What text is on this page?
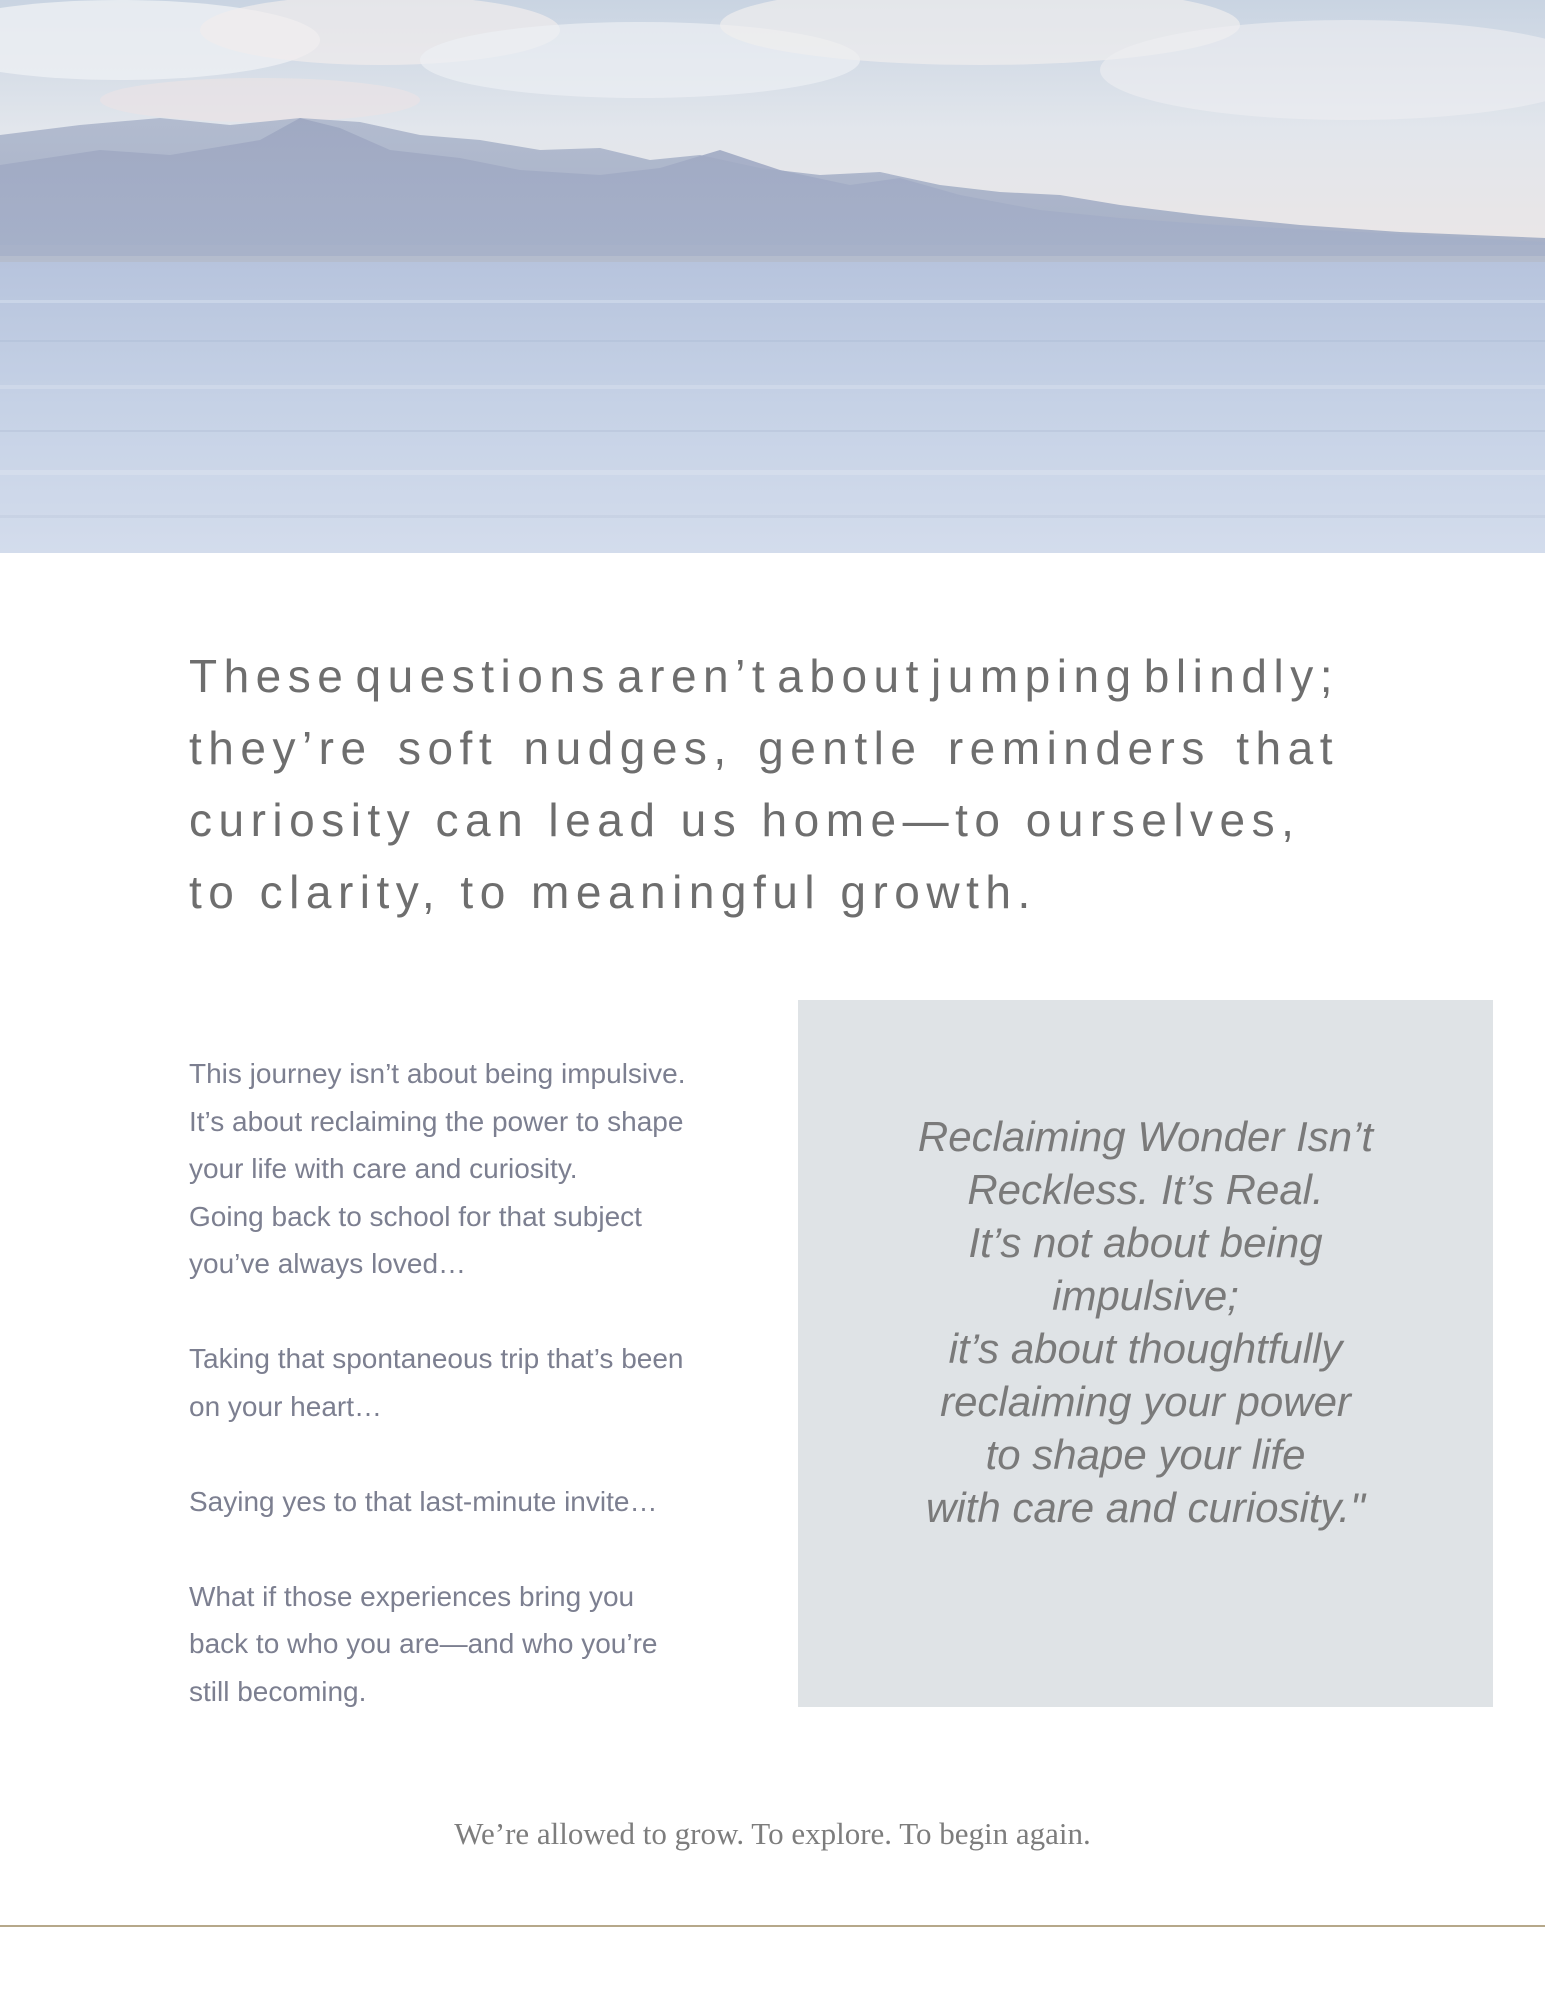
These questions aren’t about jumping blindly;
they’re soft nudges, gentle reminders that
curiosity can lead us home—to ourselves,
to clarity, to meaningful growth.

This journey isn’t about being impulsive.
It’s about reclaiming the power to shape
your life with care and curiosity.
Going back to school for that subject
you’ve always loved…

Taking that spontaneous trip that’s been
on your heart…

Saying yes to that last-minute invite…

What if those experiences bring you
back to who you are—and who you’re
still becoming.

Reclaiming Wonder Isn’t
Reckless. It’s Real.
It’s not about being
impulsive;
it’s about thoughtfully
reclaiming your power
to shape your life
with care and curiosity."
We’re allowed to grow. To explore. To begin again.
